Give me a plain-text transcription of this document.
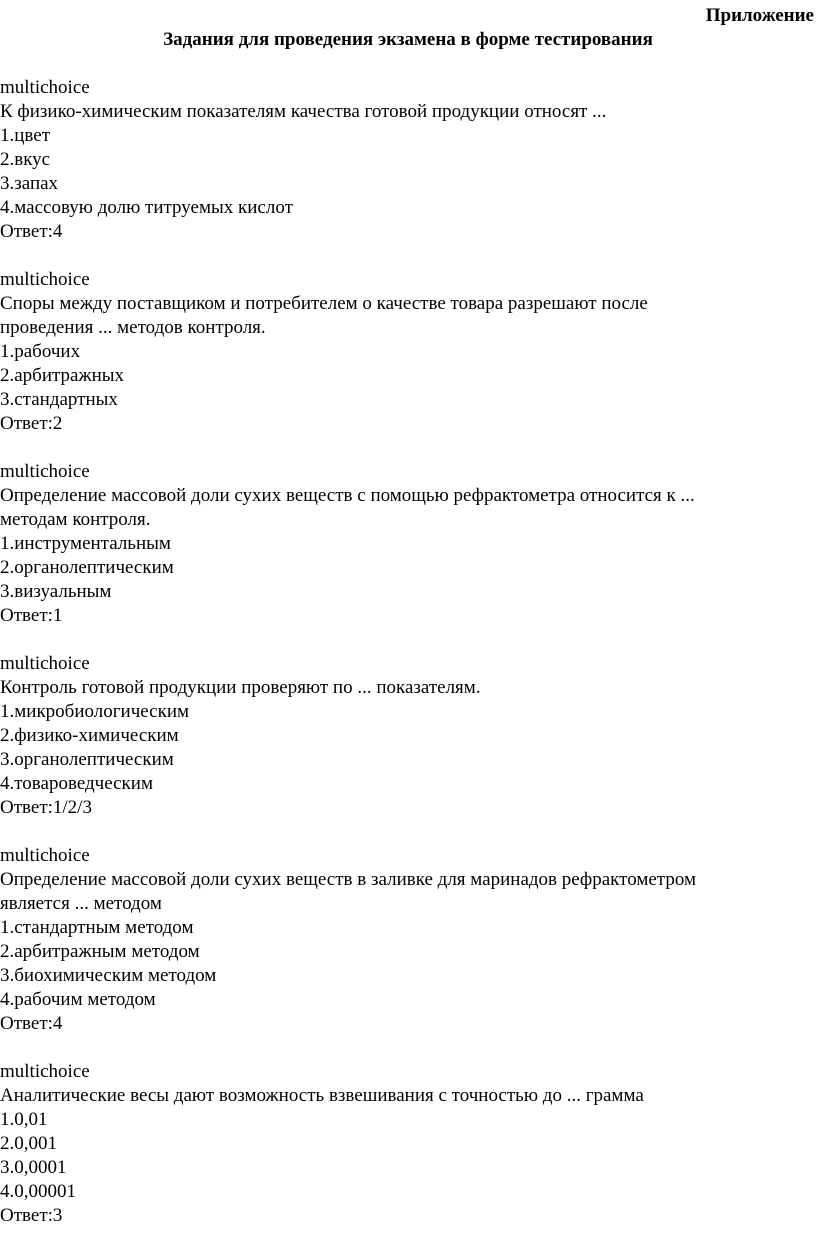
Приложение
Задания для проведения экзамена в форме тестирования

multichoice

К физико-химическим показателям качества готовой продукции относят ...

1.цвет

2.вкус

3.запах

4.массовую долю титруемых кислот

Ответ:4

multichoice

Споры между поставщиком и потребителем о качестве товара разрешают после

проведения ... методов контроля.

1.рабочих

2.арбитражных

3.стандартных

Ответ:2

multichoice

Определение массовой доли сухих веществ с помощью рефрактометра относится к ...

методам контроля.

1.инструментальным

2.органолептическим

3.визуальным

Ответ:1

multichoice

Контроль готовой продукции проверяют по ... показателям.

1.микробиологическим

2.физико-химическим

3.органолептическим

4.товароведческим

Ответ:1/2/3

multichoice

Определение массовой доли сухих веществ в заливке для маринадов рефрактометром

является ... методом

1.стандартным методом

2.арбитражным методом

3.биохимическим методом

4.рабочим методом

Ответ:4

multichoice

Аналитические весы дают возможность взвешивания с точностью до ... грамма

1.0,01

2.0,001

3.0,0001

4.0,00001

Ответ:3
